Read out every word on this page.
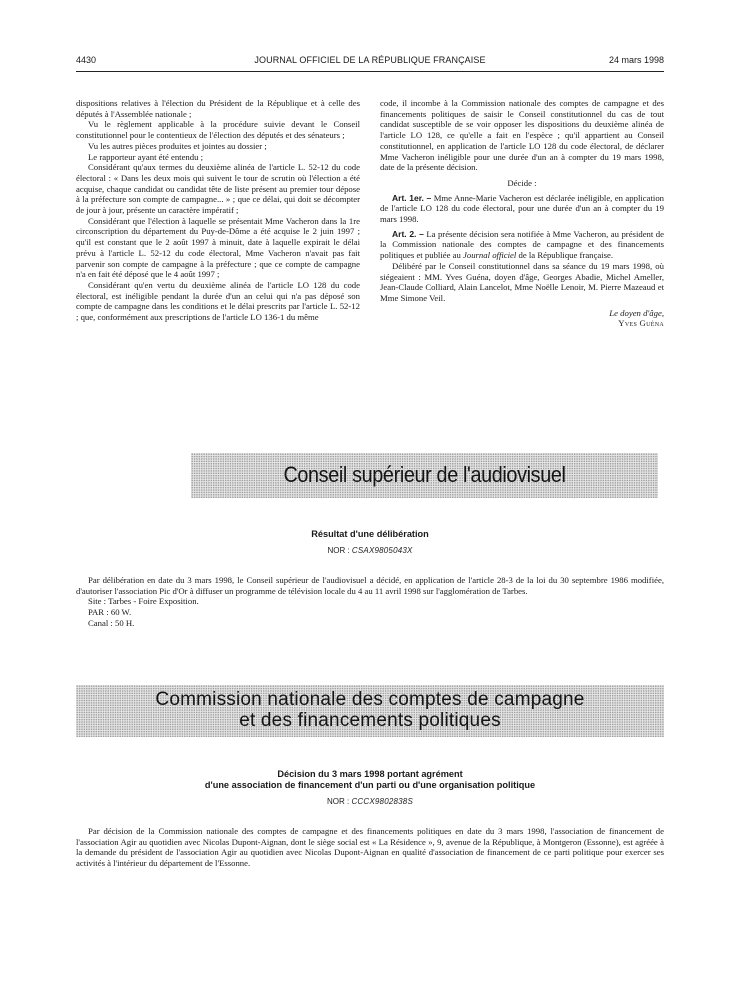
4430	JOURNAL OFFICIEL DE LA RÉPUBLIQUE FRANÇAISE	24 mars 1998

dispositions relatives à l'élection du Président de la République et à celle des députés à l'Assemblée nationale ;

Vu le règlement applicable à la procédure suivie devant le Conseil constitutionnel pour le contentieux de l'élection des députés et des sénateurs ;

Vu les autres pièces produites et jointes au dossier ;

Le rapporteur ayant été entendu ;

Considérant qu'aux termes du deuxième alinéa de l'article L. 52-12 du code électoral : « Dans les deux mois qui suivent le tour de scrutin où l'élection a été acquise, chaque candidat ou candidat tête de liste présent au premier tour dépose à la préfecture son compte de campagne... » ; que ce délai, qui doit se décompter de jour à jour, présente un caractère impératif ;

Considérant que l'élection à laquelle se présentait Mme Vacheron dans la 1re circonscription du département du Puy-de-Dôme a été acquise le 2 juin 1997 ; qu'il est constant que le 2 août 1997 à minuit, date à laquelle expirait le délai prévu à l'article L. 52-12 du code électoral, Mme Vacheron n'avait pas fait parvenir son compte de campagne à la préfecture ; que ce compte de campagne n'a en fait été déposé que le 4 août 1997 ;

Considérant qu'en vertu du deuxième alinéa de l'article LO 128 du code électoral, est inéligible pendant la durée d'un an celui qui n'a pas déposé son compte de campagne dans les conditions et le délai prescrits par l'article L. 52-12 ; que, conformément aux prescriptions de l'article LO 136-1 du même

code, il incombe à la Commission nationale des comptes de campagne et des financements politiques de saisir le Conseil constitutionnel du cas de tout candidat susceptible de se voir opposer les dispositions du deuxième alinéa de l'article LO 128, ce qu'elle a fait en l'espèce ; qu'il appartient au Conseil constitutionnel, en application de l'article LO 128 du code électoral, de déclarer Mme Vacheron inéligible pour une durée d'un an à compter du 19 mars 1998, date de la présente décision.

Décide :

Art. 1er. – Mme Anne-Marie Vacheron est déclarée inéligible, en application de l'article LO 128 du code électoral, pour une durée d'un an à compter du 19 mars 1998.

Art. 2. – La présente décision sera notifiée à Mme Vacheron, au président de la Commission nationale des comptes de campagne et des financements politiques et publiée au Journal officiel de la République française.

Délibéré par le Conseil constitutionnel dans sa séance du 19 mars 1998, où siégeaient : MM. Yves Guéna, doyen d'âge, Georges Abadie, Michel Ameller, Jean-Claude Colliard, Alain Lancelot, Mme Noëlle Lenoir, M. Pierre Mazeaud et Mme Simone Veil.

Le doyen d'âge,

Yves Guéna

Conseil supérieur de l'audiovisuel
Résultat d'une délibération
NOR : CSAX9805043X

Par délibération en date du 3 mars 1998, le Conseil supérieur de l'audiovisuel a décidé, en application de l'article 28-3 de la loi du 30 septembre 1986 modifiée, d'autoriser l'association Pic d'Or à diffuser un programme de télévision locale du 4 au 11 avril 1998 sur l'agglomération de Tarbes.

Site : Tarbes - Foire Exposition.

PAR : 60 W.

Canal : 50 H.

Commission nationale des comptes de campagne
et des financements politiques
Décision du 3 mars 1998 portant agrément
d'une association de financement d'un parti ou d'une organisation politique
NOR : CCCX9802838S

Par décision de la Commission nationale des comptes de campagne et des financements politiques en date du 3 mars 1998, l'association de financement de l'association Agir au quotidien avec Nicolas Dupont-Aignan, dont le siège social est « La Résidence », 9, avenue de la République, à Montgeron (Essonne), est agréée à la demande du président de l'association Agir au quotidien avec Nicolas Dupont-Aignan en qualité d'association de financement de ce parti politique pour exercer ses activités à l'intérieur du département de l'Essonne.
